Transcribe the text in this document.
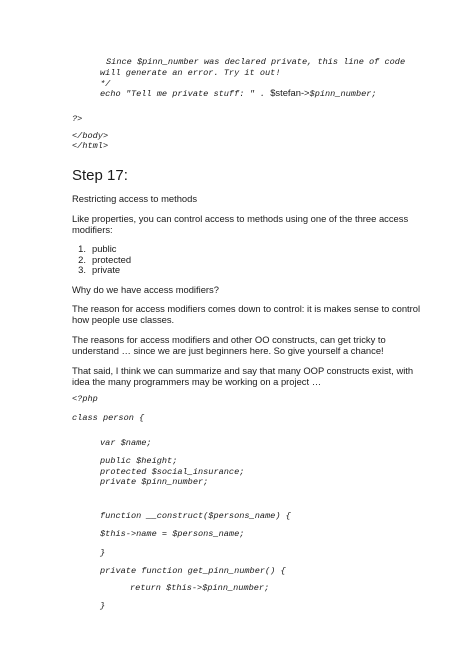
Since $pinn_number was declared private, this line of code
will generate an error. Try it out!
*/
echo "Tell me private stuff: " . $stefan->$pinn_number;
?>
</body>
</html>
Step 17:
Restricting access to methods
Like properties, you can control access to methods using one of the three access
modifiers:
1. public
2. protected
3. private
Why do we have access modifiers?
The reason for access modifiers comes down to control: it is makes sense to control
how people use classes.
The reasons for access modifiers and other OO constructs, can get tricky to
understand … since we are just beginners here. So give yourself a chance!
That said, I think we can summarize and say that many OOP constructs exist, with
idea the many programmers may be working on a project …
<?php
class person {
var $name;
public $height;
protected $social_insurance;
private $pinn_number;
function __construct($persons_name) {
$this->name = $persons_name;
}
private function get_pinn_number() {
return $this->$pinn_number;
}
